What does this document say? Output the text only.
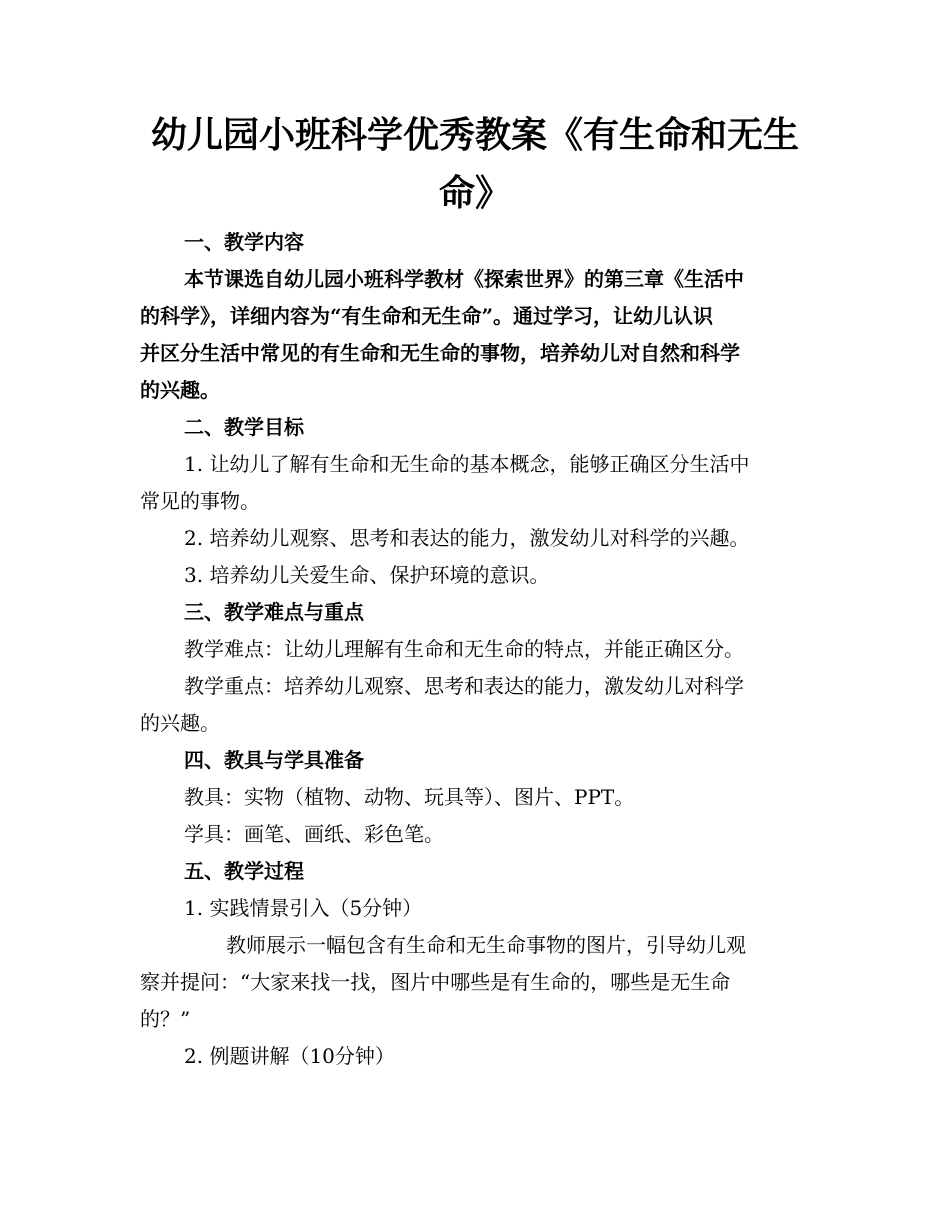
幼儿园小班科学优秀教案《有生命和无生
命》
一、教学内容
本节课选自幼儿园小班科学教材《探索世界》的第三章《生活中
的科学》，详细内容为“有生命和无生命”。通过学习，让幼儿认识
并区分生活中常见的有生命和无生命的事物，培养幼儿对自然和科学
的兴趣。
二、教学目标
1. 让幼儿了解有生命和无生命的基本概念，能够正确区分生活中
常见的事物。
2. 培养幼儿观察、思考和表达的能力，激发幼儿对科学的兴趣。
3. 培养幼儿关爱生命、保护环境的意识。
三、教学难点与重点
教学难点：让幼儿理解有生命和无生命的特点，并能正确区分。
教学重点：培养幼儿观察、思考和表达的能力，激发幼儿对科学
的兴趣。
四、教具与学具准备
教具：实物（植物、动物、玩具等）、图片、PPT。
学具：画笔、画纸、彩色笔。
五、教学过程
1. 实践情景引入（5分钟）
教师展示一幅包含有生命和无生命事物的图片，引导幼儿观
察并提问：“大家来找一找，图片中哪些是有生命的，哪些是无生命
的？”
2. 例题讲解（10分钟）
